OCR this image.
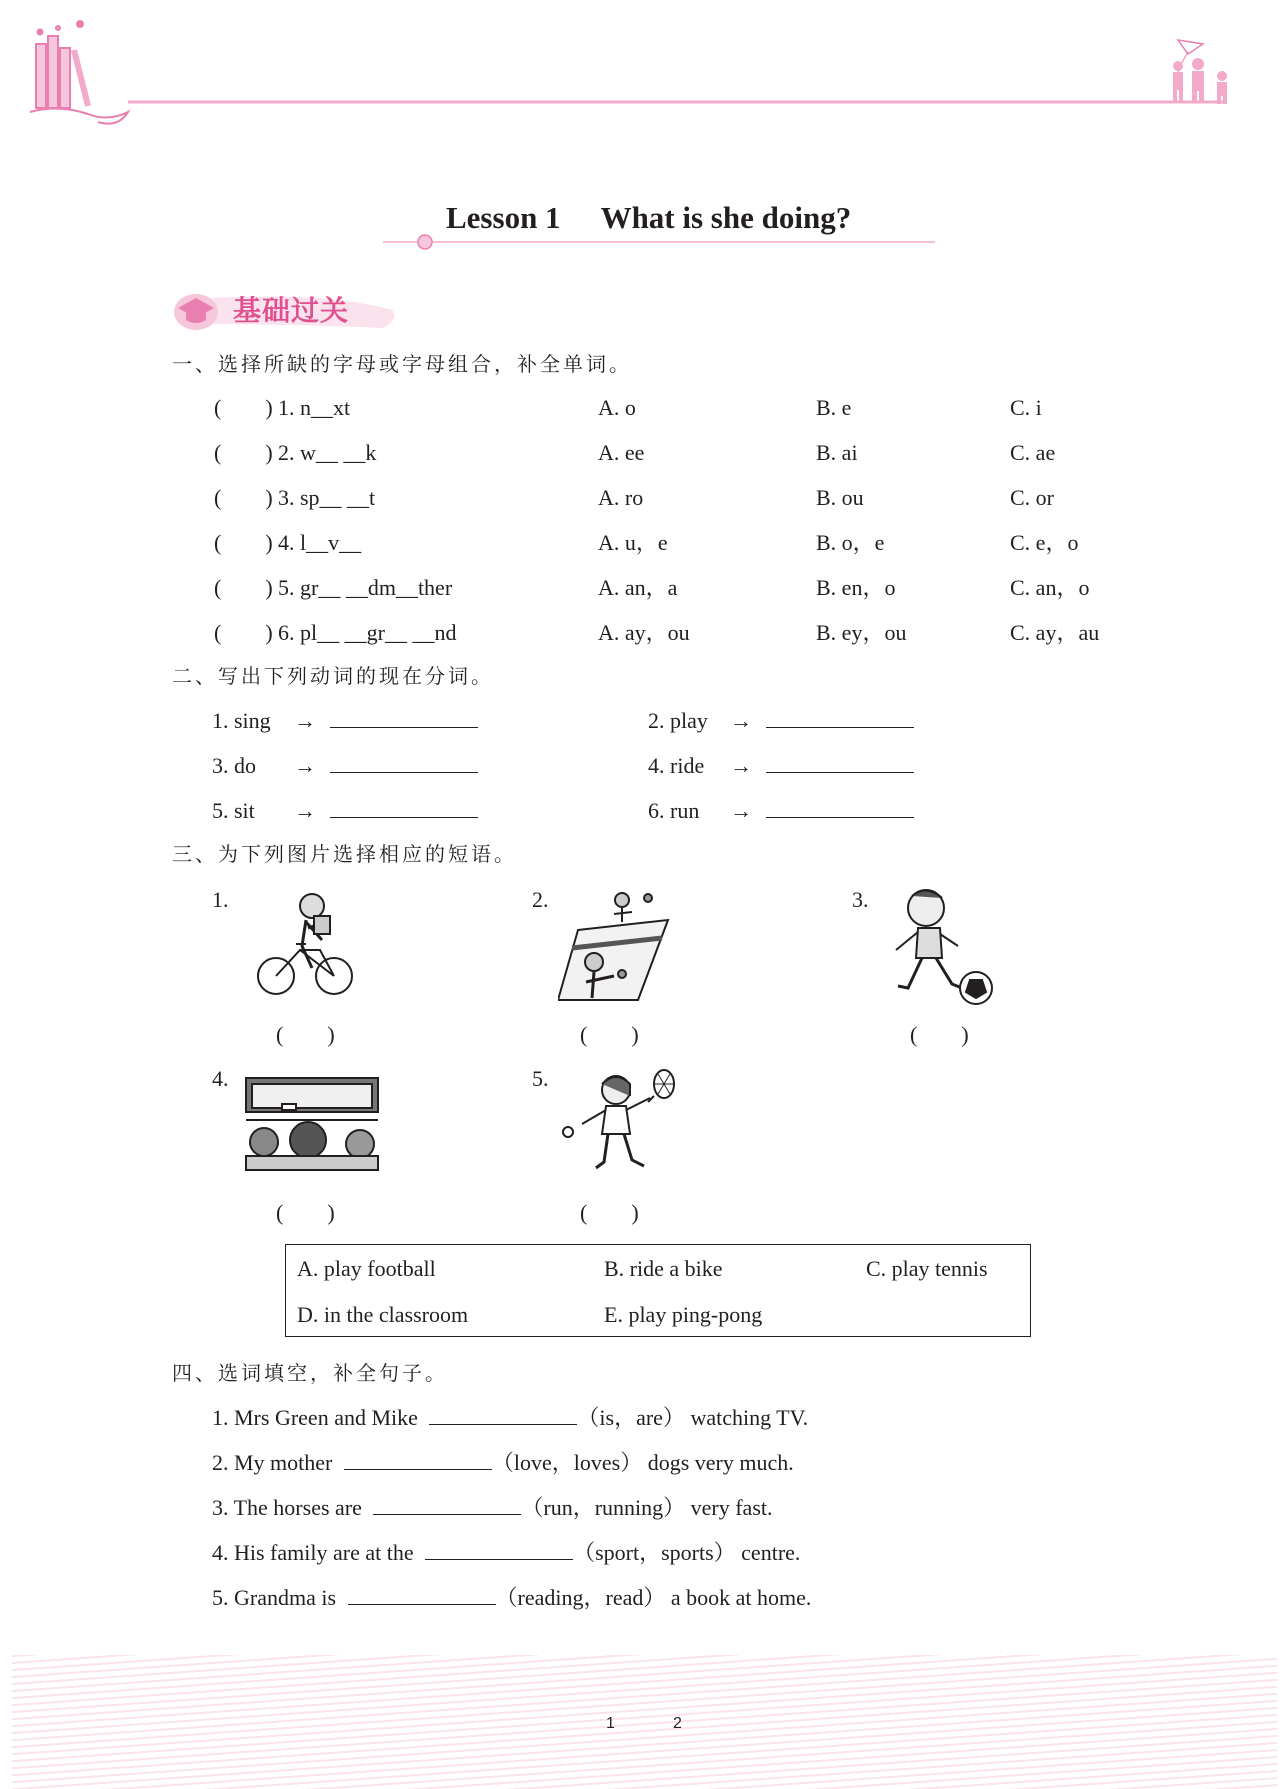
Lesson 1 What is she doing?
基础过关
一、选择所缺的字母或字母组合，补全单词。
(　　) 1. n__xt	A. o	B. e	C. i
(　　) 2. w__ __k	A. ee	B. ai	C. ae
(　　) 3. sp__ __t	A. ro	B. ou	C. or
(　　) 4. l__v__	A. u，e	B. o，e	C. e，o
(　　) 5. gr__ __dm__ther	A. an，a	B. en，o	C. an，o
(　　) 6. pl__ __gr__ __nd	A. ay，ou	B. ey，ou	C. ay，au
二、写出下列动词的现在分词。
1. sing →	2. play →
3. do →	4. ride →
5. sit →	6. run →
三、为下列图片选择相应的短语。
1.
(　　)
2.
(　　)
3.
(　　)
4.
(　　)
5.
(　　)
A. play football	B. ride a bike	C. play tennis
D. in the classroom	E. play ping-pong
四、选词填空，补全句子。
1. Mrs Green and Mike	（is，are） watching TV.
2. My mother	（love，loves） dogs very much.
3. The horses are	（run，running） very fast.
4. His family are at the	（sport，sports） centre.
5. Grandma is	（reading，read） a book at home.
1	2
